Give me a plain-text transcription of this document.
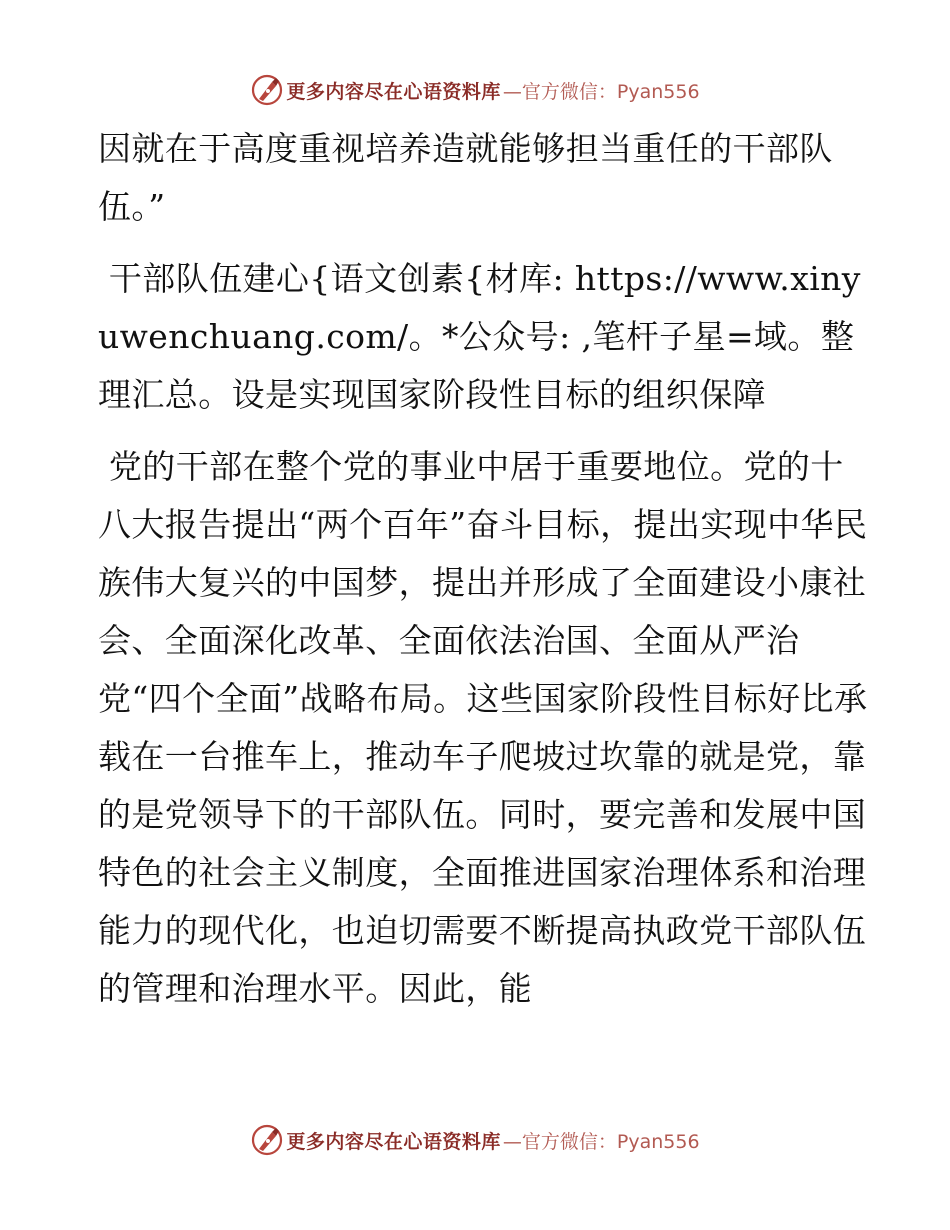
更多内容尽在心语资料库 —官方微信：Pyan556

因就在于高度重视培养造就能够担当重任的干部队伍。”

干部队伍建心{语文创素{材库: https://www.xinyuwenchuang.com/。*公众号: ,笔杆子星=域。整理汇总。设是实现国家阶段性目标的组织保障

党的干部在整个党的事业中居于重要地位。党的十八大报告提出“两个百年”奋斗目标，提出实现中华民族伟大复兴的中国梦，提出并形成了全面建设小康社会、全面深化改革、全面依法治国、全面从严治党“四个全面”战略布局。这些国家阶段性目标好比承载在一台推车上，推动车子爬坡过坎靠的就是党，靠的是党领导下的干部队伍。同时，要完善和发展中国特色的社会主义制度，全面推进国家治理体系和治理能力的现代化，也迫切需要不断提高执政党干部队伍的管理和治理水平。因此，能

更多内容尽在心语资料库 —官方微信：Pyan556
